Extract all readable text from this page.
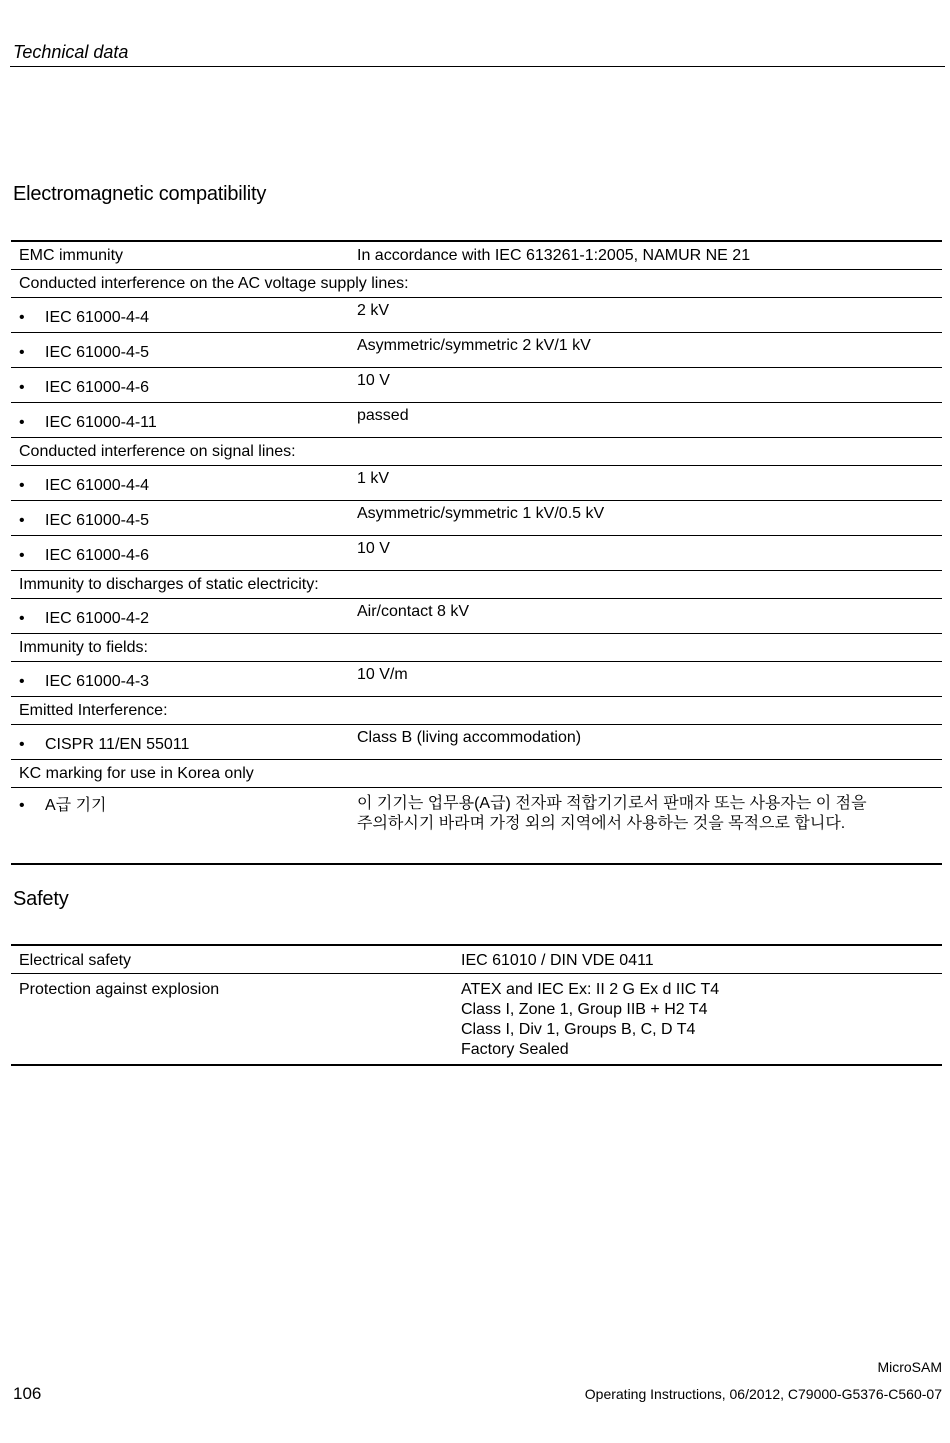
Technical data
Electromagnetic compatibility
EMC immunity	In accordance with IEC 613261-1:2005, NAMUR NE 21

Conducted interference on the AC voltage supply lines:	

• IEC 61000-4-4	2 kV

• IEC 61000-4-5	Asymmetric/symmetric 2 kV/1 kV

• IEC 61000-4-6	10 V

• IEC 61000-4-11	passed

Conducted interference on signal lines:	

• IEC 61000-4-4	1 kV

• IEC 61000-4-5	Asymmetric/symmetric 1 kV/0.5 kV

• IEC 61000-4-6	10 V

Immunity to discharges of static electricity:	

• IEC 61000-4-2	Air/contact 8 kV

Immunity to fields:	

• IEC 61000-4-3	10 V/m

Emitted Interference:	

• CISPR 11/EN 55011	Class B (living accommodation)

KC marking for use in Korea only	

• A급 기기	이 기기는 업무용(A급) 전자파 적합기기로서 판매자 또는 사용자는 이 점을
주의하시기 바라며 가정 외의 지역에서 사용하는 것을 목적으로 합니다.
Safety
Electrical safety	IEC 61010 / DIN VDE 0411

Protection against explosion	ATEX and IEC Ex: II 2 G Ex d IIC T4
Class I, Zone 1, Group IIB + H2 T4
Class I, Div 1, Groups B, C, D T4
Factory Sealed
MicroSAM
106	Operating Instructions, 06/2012, C79000-G5376-C560-07
